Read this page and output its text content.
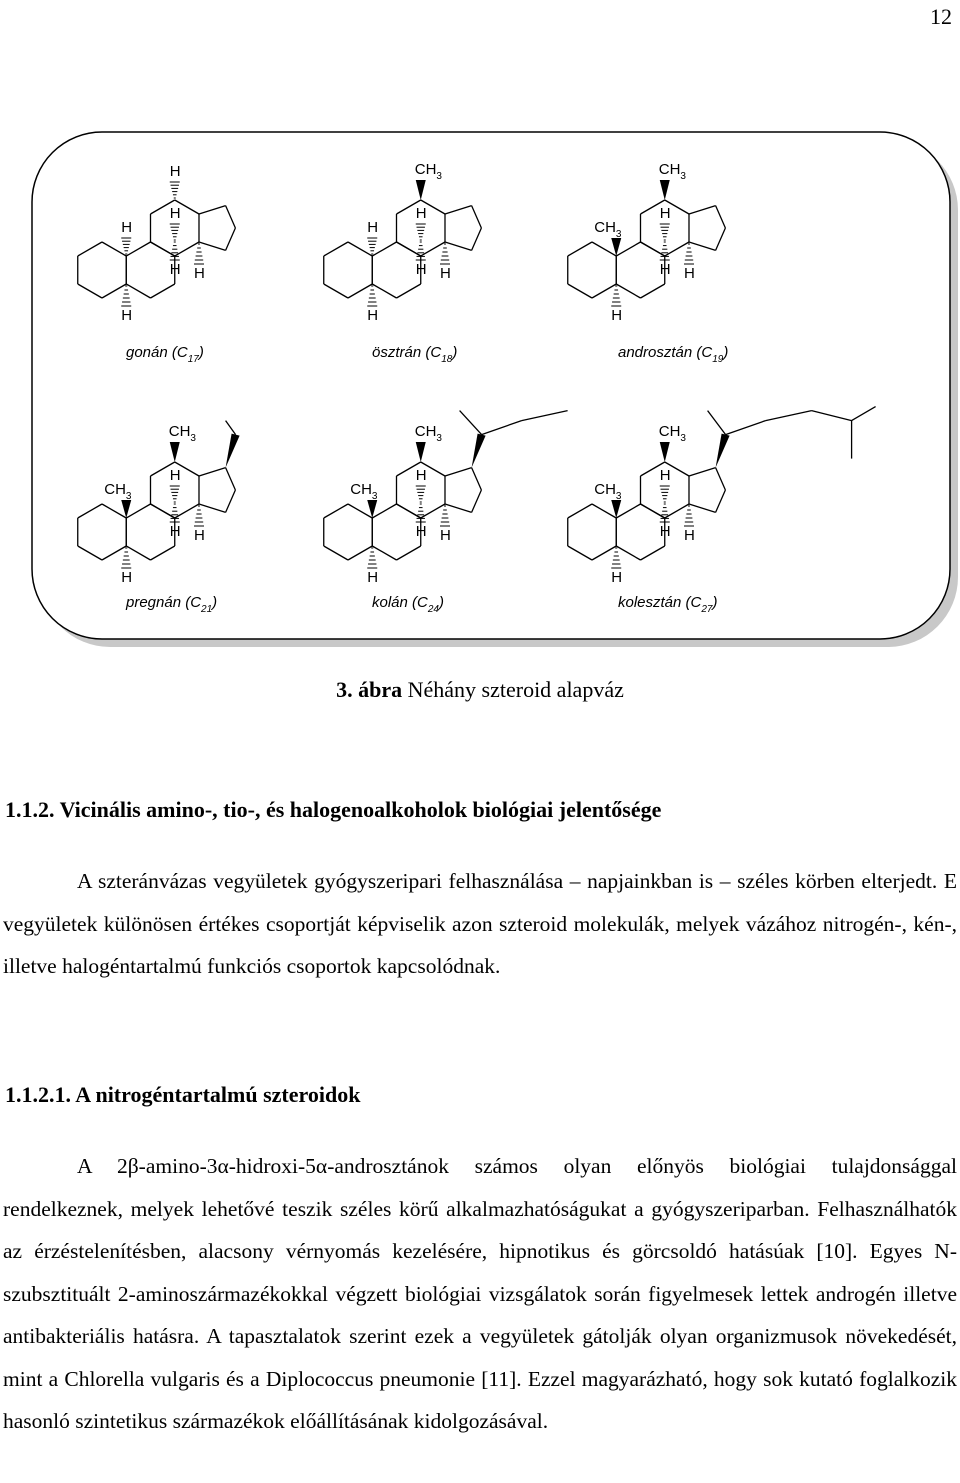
12
H
H H
H
H
H
H
H H
H
H
$CH_3$
H
H H
$CH_3$
H
$CH_3$
H
H H
$CH_3$
H
$CH_3$
H
H H
$CH_3$
H
$CH_3$
H
H H
$CH_3$
H
$CH_3$
gonán $(C_{17})$	ösztrán $(C_{18})$	androsztán $(C_{19})$
pregnán $(C_{21})$	kolán $(C_{24})$	kolesztán $(C_{27})$
3. ábra Néhány szteroid alapváz
1.1.2. Vicinális amino-, tio-, és halogenoalkoholok biológiai jelentősége

A szteránvázas vegyületek gyógyszeripari felhasználása – napjainkban is – széles körben elterjedt. E vegyületek különösen értékes csoportját képviselik azon szteroid molekulák, melyek vázához nitrogén-, kén-, illetve halogéntartalmú funkciós csoportok kapcsolódnak.

1.1.2.1. A nitrogéntartalmú szteroidok

A 2β-amino-3α-hidroxi-5α-androsztánok számos olyan előnyös biológiai tulajdonsággal rendelkeznek, melyek lehetővé teszik széles körű alkalmazhatóságukat a gyógyszeriparban. Felhasználhatók az érzéstelenítésben, alacsony vérnyomás kezelésére, hipnotikus és görcsoldó hatásúak [10]. Egyes N-szubsztituált 2-aminoszármazékokkal végzett biológiai vizsgálatok során figyelmesek lettek androgén illetve antibakteriális hatásra. A tapasztalatok szerint ezek a vegyületek gátolják olyan organizmusok növekedését, mint a Chlorella vulgaris és a Diplococcus pneumonie [11]. Ezzel magyarázható, hogy sok kutató foglalkozik hasonló szintetikus származékok előállításának kidolgozásával.
